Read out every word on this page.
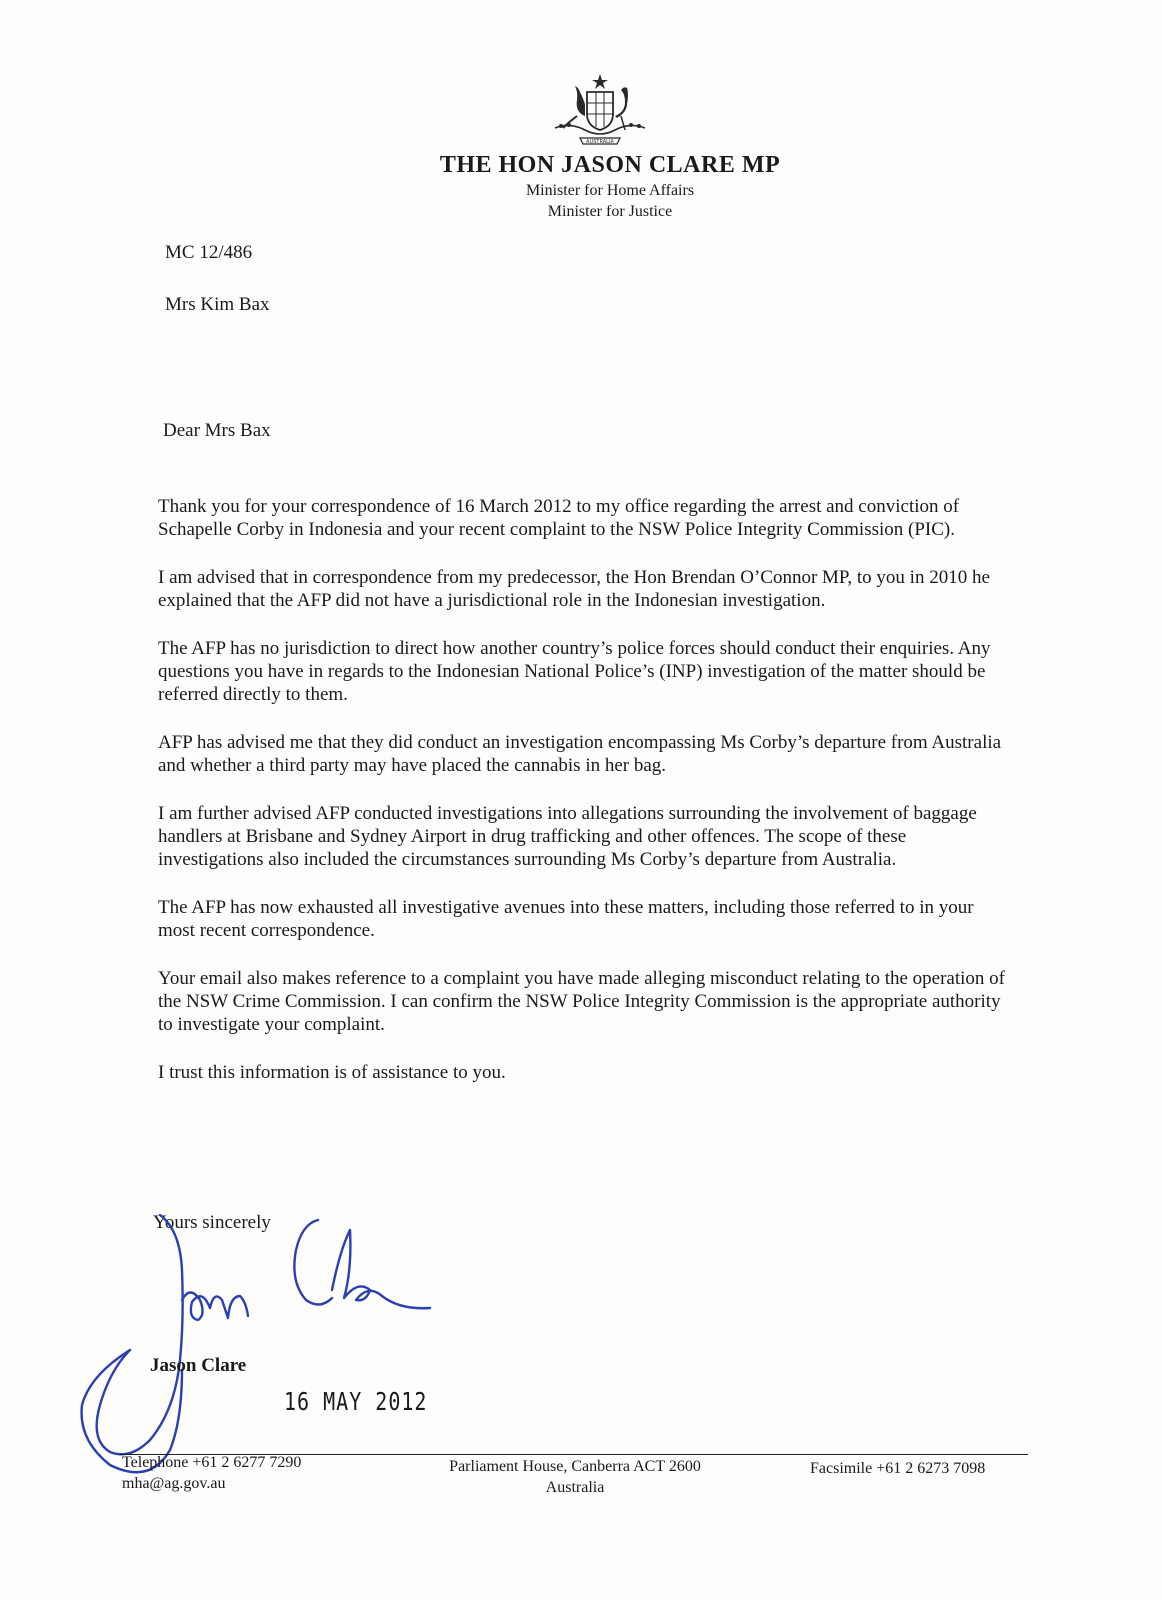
AUSTRALIA
THE HON JASON CLARE MP
Minister for Home Affairs
Minister for Justice
MC 12/486
Mrs Kim Bax
Dear Mrs Bax

Thank you for your correspondence of 16 March 2012 to my office regarding the arrest and conviction of Schapelle Corby in Indonesia and your recent complaint to the NSW Police Integrity Commission (PIC).

I am advised that in correspondence from my predecessor, the Hon Brendan O’Connor MP, to you in 2010 he explained that the AFP did not have a jurisdictional role in the Indonesian investigation.

The AFP has no jurisdiction to direct how another country’s police forces should conduct their enquiries. Any questions you have in regards to the Indonesian National Police’s (INP) investigation of the matter should be referred directly to them.

AFP has advised me that they did conduct an investigation encompassing Ms Corby’s departure from Australia and whether a third party may have placed the cannabis in her bag.

I am further advised AFP conducted investigations into allegations surrounding the involvement of baggage handlers at Brisbane and Sydney Airport in drug trafficking and other offences. The scope of these investigations also included the circumstances surrounding Ms Corby’s departure from Australia.

The AFP has now exhausted all investigative avenues into these matters, including those referred to in your most recent correspondence.

Your email also makes reference to a complaint you have made alleging misconduct relating to the operation of the NSW Crime Commission. I can confirm the NSW Police Integrity Commission is the appropriate authority to investigate your complaint.

I trust this information is of assistance to you.

Yours sincerely
Jason Clare
16 MAY 2012
Telephone +61 2 6277 7290
mha@ag.gov.au
Parliament House, Canberra ACT 2600
Australia
Facsimile +61 2 6273 7098
